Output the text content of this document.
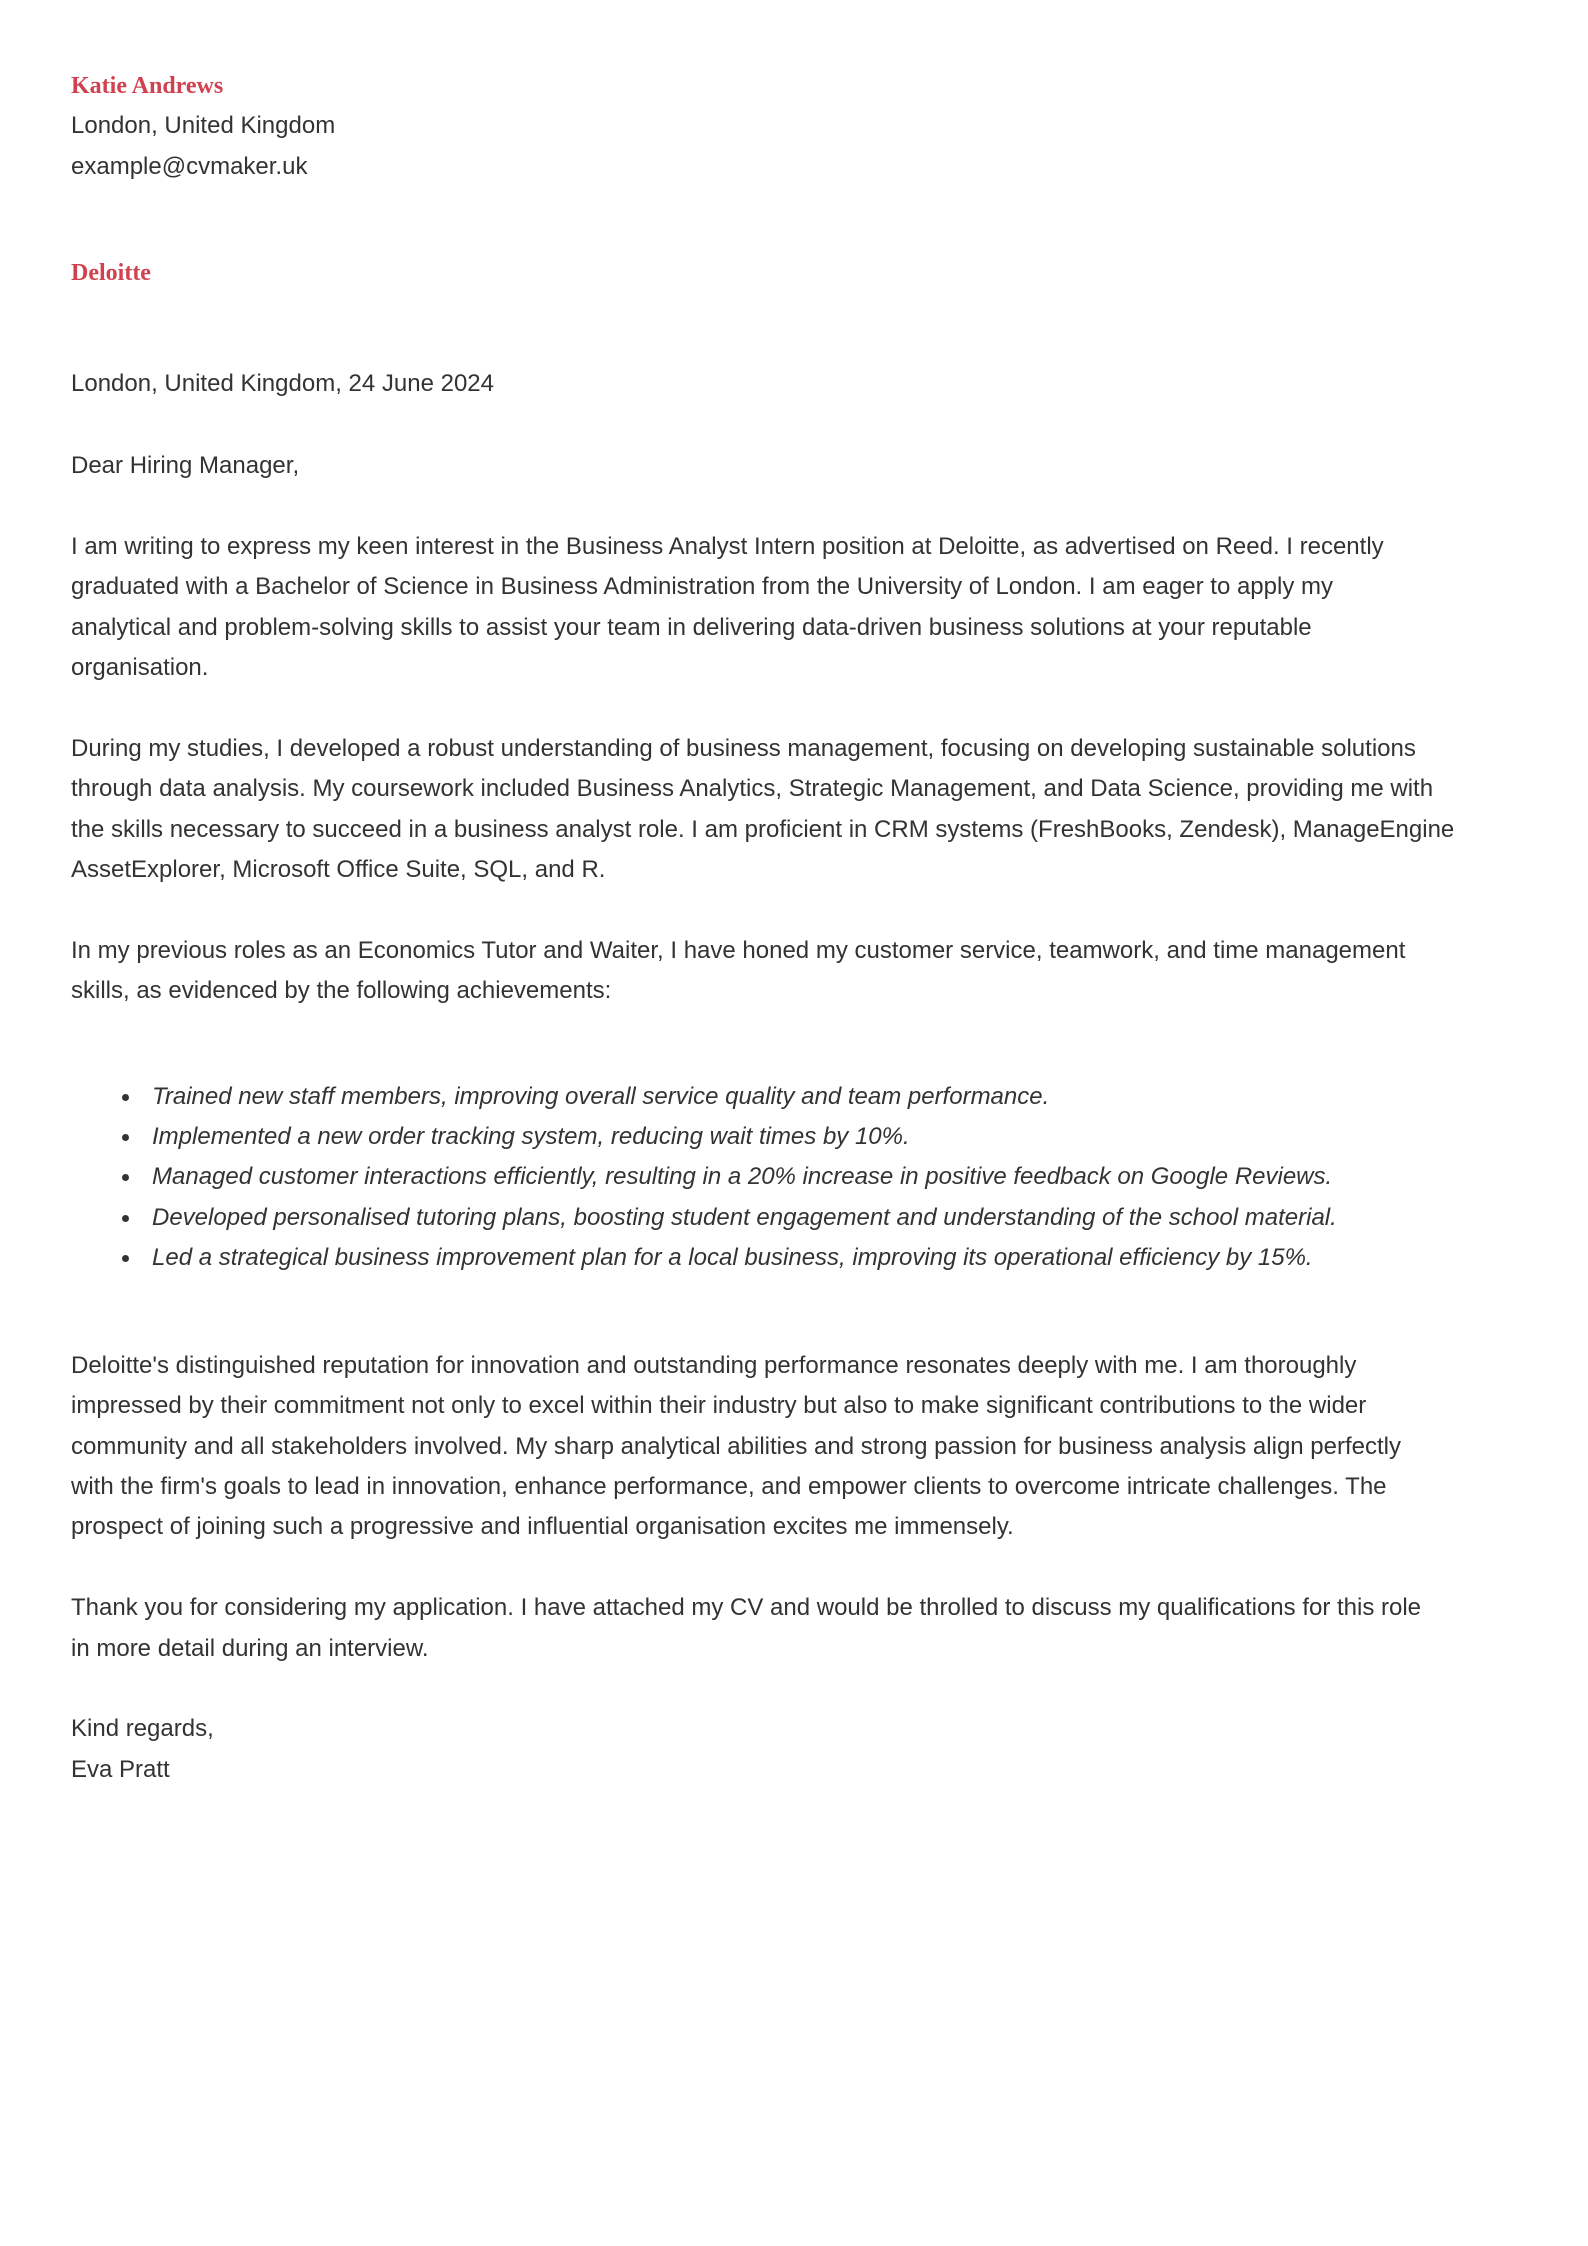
Katie Andrews
London, United Kingdom
example@cvmaker.uk
Deloitte
London, United Kingdom, 24 June 2024
Dear Hiring Manager,
I am writing to express my keen interest in the Business Analyst Intern position at Deloitte, as advertised on Reed. I recently
graduated with a Bachelor of Science in Business Administration from the University of London. I am eager to apply my
analytical and problem-solving skills to assist your team in delivering data-driven business solutions at your reputable
organisation.
During my studies, I developed a robust understanding of business management, focusing on developing sustainable solutions
through data analysis. My coursework included Business Analytics, Strategic Management, and Data Science, providing me with
the skills necessary to succeed in a business analyst role. I am proficient in CRM systems (FreshBooks, Zendesk), ManageEngine
AssetExplorer, Microsoft Office Suite, SQL, and R.
In my previous roles as an Economics Tutor and Waiter, I have honed my customer service, teamwork, and time management
skills, as evidenced by the following achievements:
Trained new staff members, improving overall service quality and team performance.
Implemented a new order tracking system, reducing wait times by 10%.
Managed customer interactions efficiently, resulting in a 20% increase in positive feedback on Google Reviews.
Developed personalised tutoring plans, boosting student engagement and understanding of the school material.
Led a strategical business improvement plan for a local business, improving its operational efficiency by 15%.
Deloitte's distinguished reputation for innovation and outstanding performance resonates deeply with me. I am thoroughly
impressed by their commitment not only to excel within their industry but also to make significant contributions to the wider
community and all stakeholders involved. My sharp analytical abilities and strong passion for business analysis align perfectly
with the firm's goals to lead in innovation, enhance performance, and empower clients to overcome intricate challenges. The
prospect of joining such a progressive and influential organisation excites me immensely.
Thank you for considering my application. I have attached my CV and would be throlled to discuss my qualifications for this role
in more detail during an interview.
Kind regards,
Eva Pratt
